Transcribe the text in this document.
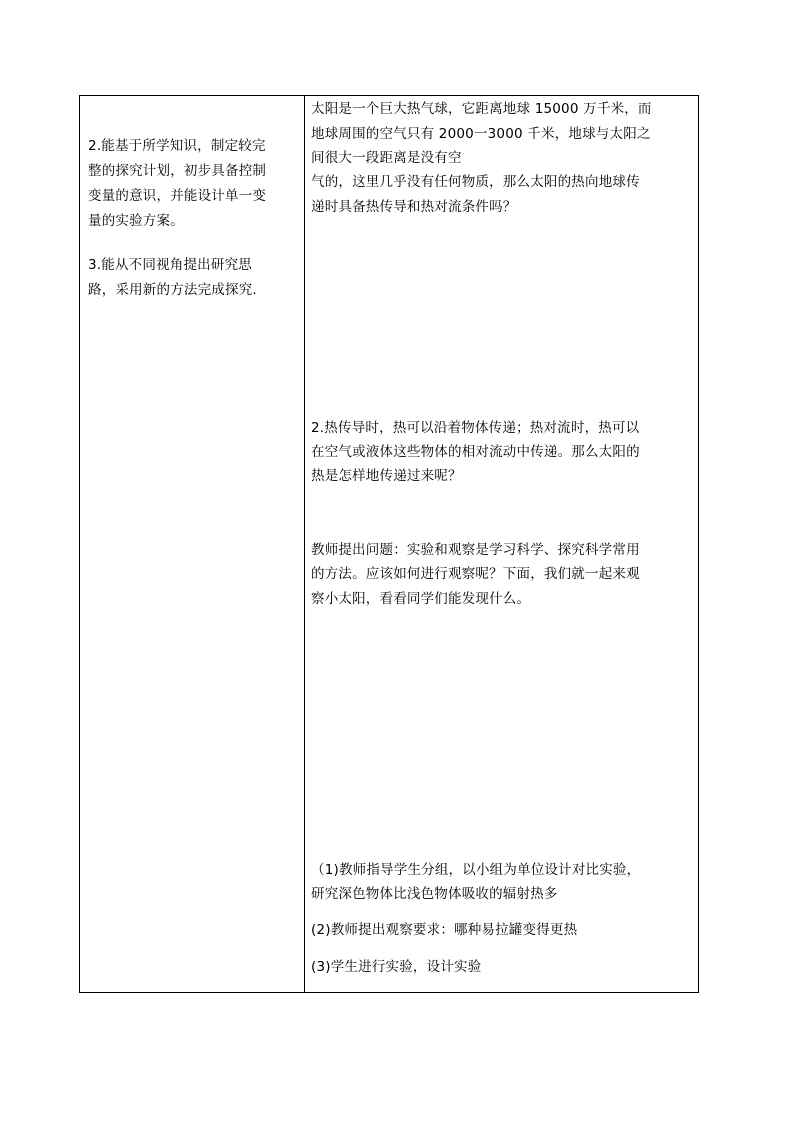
2.能基于所学知识，制定较完

整的探究计划，初步具备控制

变量的意识，并能设计单一变

量的实验方案。

3.能从不同视角提出研究思

路，采用新的方法完成探究.

太阳是一个巨大热气球，它距离地球 15000 万千米，而

地球周围的空气只有 2000一3000 千米，地球与太阳之

间很大一段距离是没有空

气的，这里几乎没有任何物质，那么太阳的热向地球传

递时具备热传导和热对流条件吗？

2.热传导时，热可以沿着物体传递；热对流时，热可以

在空气或液体这些物体的相对流动中传递。那么太阳的

热是怎样地传递过来呢？

教师提出问题：实验和观察是学习科学、探究科学常用

的方法。应该如何进行观察呢？下面，我们就一起来观

察小太阳，看看同学们能发现什么。

（1)教师指导学生分组，以小组为单位设计对比实验，

研究深色物体比浅色物体吸收的辐射热多

(2)教师提出观察要求：哪种易拉罐变得更热

(3)学生进行实验，设计实验
